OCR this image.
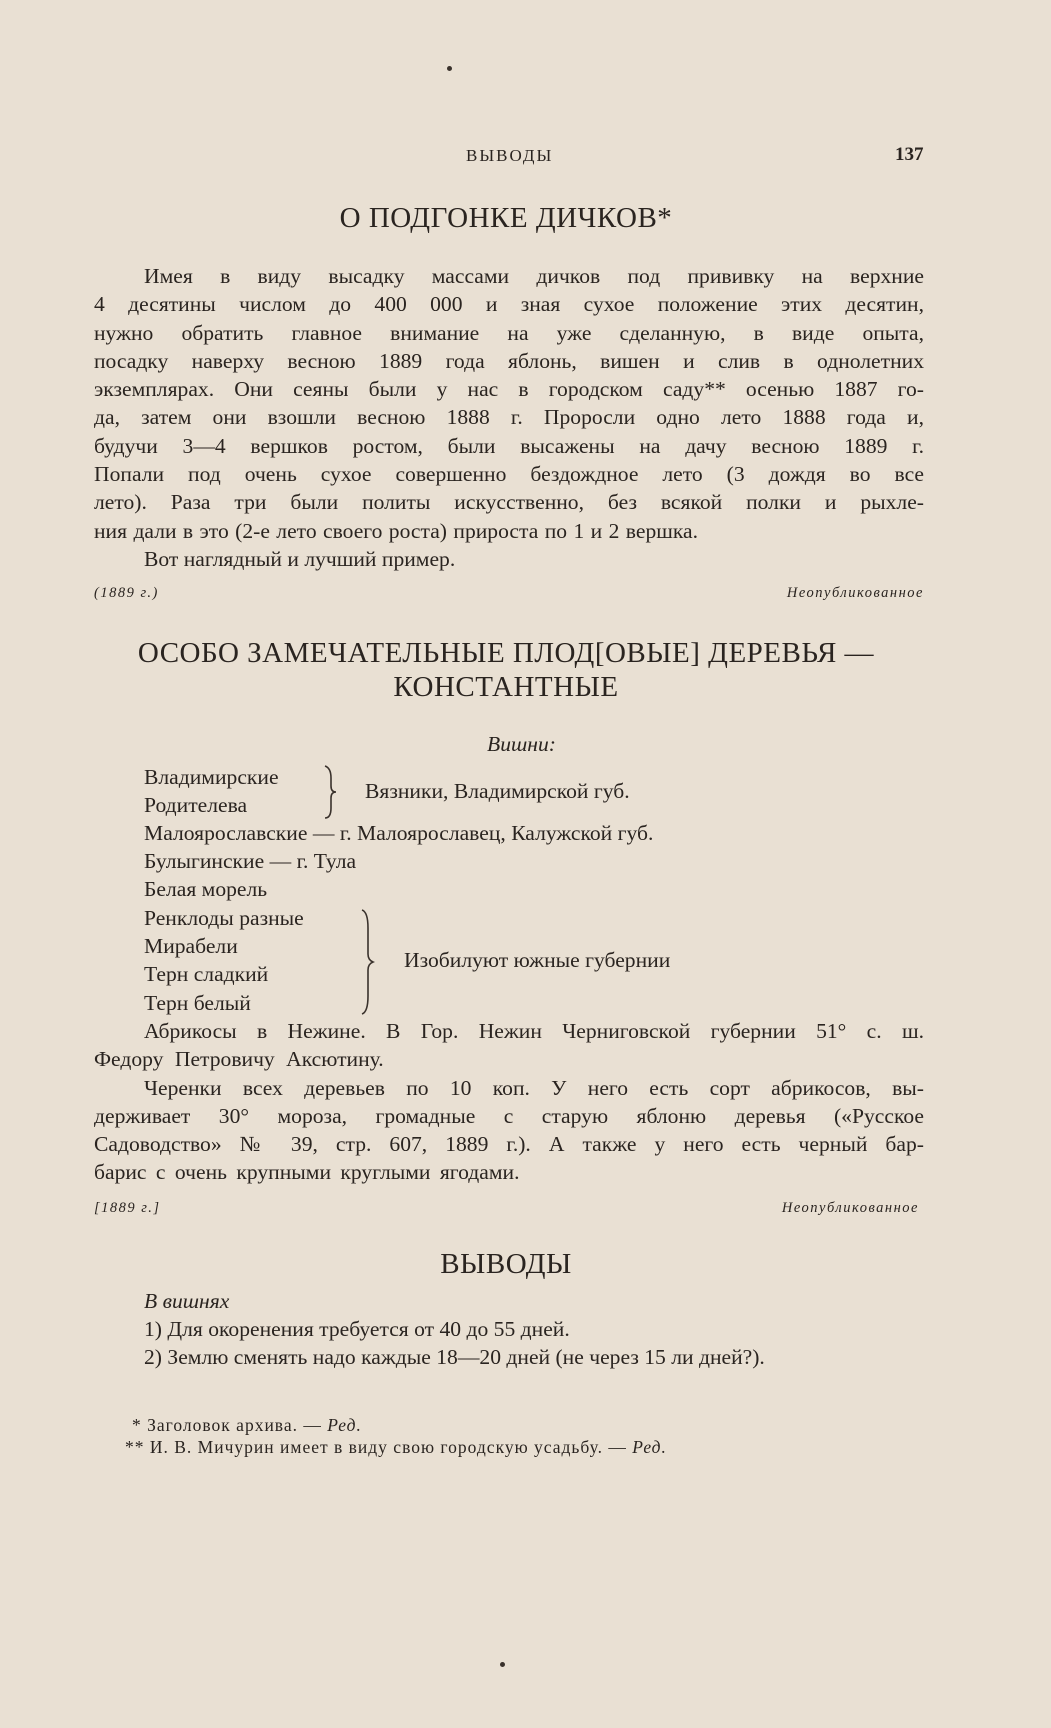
ВЫВОДЫ	137
О ПОДГОНКЕ ДИЧКОВ*
Имея в виду высадку массами дичков под прививку на верхние
4 десятины числом до 400 000 и зная сухое положение этих десятин,
нужно обратить главное внимание на уже сделанную, в виде опыта,
посадку наверху весною 1889 года яблонь, вишен и слив в однолетних
экземплярах. Они сеяны были у нас в городском саду** осенью 1887 го-
да, затем они взошли весною 1888 г. Проросли одно лето 1888 года и,
будучи 3—4 вершков ростом, были высажены на дачу весною 1889 г.
Попали под очень сухое совершенно бездождное лето (3 дождя во все
лето). Раза три были политы искусственно, без всякой полки и рыхле-
ния дали в это (2-е лето своего роста) прироста по 1 и 2 вершка.

Вот наглядный и лучший пример.

(1889 г.)	Неопубликованное
ОСОБО ЗАМЕЧАТЕЛЬНЫЕ ПЛОД[ОВЫЕ] ДЕРЕВЬЯ —
КОНСТАНТНЫЕ
Вишни:
Владимирские
Родителева
Вязники, Владимирской губ.
Малоярославские — г. Малоярославец, Калужской губ.
Булыгинские — г. Тула
Белая морель
Ренклоды разные
Мирабели
Терн сладкий
Терн белый
Изобилуют южные губернии
Абрикосы в Нежине. В Гор. Нежин Черниговской губернии 51° с. ш.
Федору Петровичу Аксютину.
Черенки всех деревьев по 10 коп. У него есть сорт абрикосов, вы-
держивает 30° мороза, громадные с старую яблоню деревья («Русское
Садоводство» № 39, стр. 607, 1889 г.). А также у него есть черный бар-
барис с очень крупными круглыми ягодами.
[1889 г.]	Неопубликованное
ВЫВОДЫ
В вишнях
1) Для окоренения требуется от 40 до 55 дней.
2) Землю сменять надо каждые 18—20 дней (не через 15 ли дней?).
* Заголовок архива. — Ред.
** И. В. Мичурин имеет в виду свою городскую усадьбу. — Ред.
